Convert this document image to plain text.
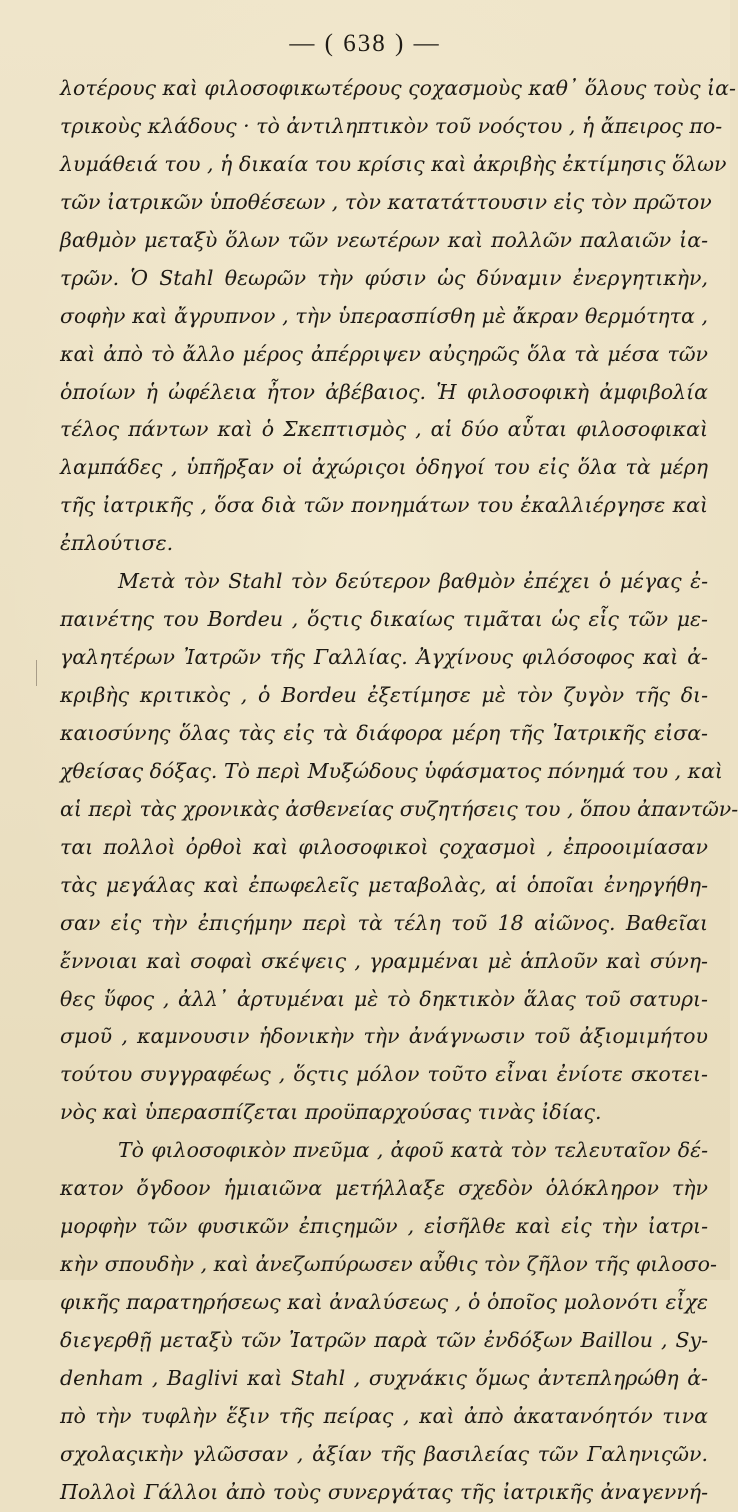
— ( 638 ) —
λοτέρους καὶ φιλοσοφικωτέρους ςοχασμοὺς καθ᾽ ὅλους τοὺς ἰα-
τρικοὺς κλάδους · τὸ ἀντιληπτικὸν τοῦ νοόςτου , ἡ ἄπειρος πο-
λυμάθειά του , ἡ δικαία του κρίσις καὶ ἀκριβὴς ἐκτίμησις ὅλων
τῶν ἰατρικῶν ὑποθέσεων , τὸν κατατάττουσιν εἰς τὸν πρῶτον
βαθμὸν μεταξὺ ὅλων τῶν νεωτέρων καὶ πολλῶν παλαιῶν ἰα-
τρῶν. Ὁ Stahl θεωρῶν τὴν φύσιν ὡς δύναμιν ἐνεργητικὴν,
σοφὴν καὶ ἄγρυπνον , τὴν ὑπερασπίσθη μὲ ἄκραν θερμότητα ,
καὶ ἀπὸ τὸ ἄλλο μέρος ἀπέρριψεν αὐςηρῶς ὅλα τὰ μέσα τῶν
ὁποίων ἡ ὠφέλεια ἦτον ἀβέβαιος. Ἡ φιλοσοφικὴ ἀμφιβολία
τέλος πάντων καὶ ὁ Σκεπτισμὸς , αἱ δύο αὗται φιλοσοφικαὶ
λαμπάδες , ὑπῆρξαν οἱ ἀχώριςοι ὁδηγοί του εἰς ὅλα τὰ μέρη
τῆς ἰατρικῆς , ὅσα διὰ τῶν πονημάτων του ἐκαλλιέργησε καὶ
ἐπλούτισε.
Μετὰ τὸν Stahl τὸν δεύτερον βαθμὸν ἐπέχει ὁ μέγας ἐ-
παινέτης του Bordeu , ὅςτις δικαίως τιμᾶται ὡς εἷς τῶν με-
γαλητέρων Ἰατρῶν τῆς Γαλλίας. Ἀγχίνους φιλόσοφος καὶ ἀ-
κριβὴς κριτικὸς , ὁ Bordeu ἐξετίμησε μὲ τὸν ζυγὸν τῆς δι-
καιοσύνης ὅλας τὰς εἰς τὰ διάφορα μέρη τῆς Ἰατρικῆς εἰσα-
χθείσας δόξας. Τὸ περὶ Μυξώδους ὑφάσματος πόνημά του , καὶ
αἱ περὶ τὰς χρονικὰς ἀσθενείας συζητήσεις του , ὅπου ἀπαντῶν-
ται πολλοὶ ὀρθοὶ καὶ φιλοσοφικοὶ ςοχασμοὶ , ἐπροοιμίασαν
τὰς μεγάλας καὶ ἐπωφελεῖς μεταβολὰς, αἱ ὁποῖαι ἐνηργήθη-
σαν εἰς τὴν ἐπιςήμην περὶ τὰ τέλη τοῦ 18 αἰῶνος. Βαθεῖαι
ἔννοιαι καὶ σοφαὶ σκέψεις , γραμμέναι μὲ ἁπλοῦν καὶ σύνη-
θες ὕφος , ἀλλ᾽ ἀρτυμέναι μὲ τὸ δηκτικὸν ἅλας τοῦ σατυρι-
σμοῦ , καμνουσιν ἡδονικὴν τὴν ἀνάγνωσιν τοῦ ἀξιομιμήτου
τούτου συγγραφέως , ὅςτις μόλον τοῦτο εἶναι ἐνίοτε σκοτει-
νὸς καὶ ὑπερασπίζεται προϋπαρχούσας τινὰς ἰδίας.
Τὸ φιλοσοφικὸν πνεῦμα , ἀφοῦ κατὰ τὸν τελευταῖον δέ-
κατον ὄγδοον ἡμιαιῶνα μετήλλαξε σχεδὸν ὁλόκληρον τὴν
μορφὴν τῶν φυσικῶν ἐπιςημῶν , εἰσῆλθε καὶ εἰς τὴν ἰατρι-
κὴν σπουδὴν , καὶ ἀνεζωπύρωσεν αὖθις τὸν ζῆλον τῆς φιλοσο-
φικῆς παρατηρήσεως καὶ ἀναλύσεως , ὁ ὁποῖος μολονότι εἶχε
διεγερθῇ μεταξὺ τῶν Ἰατρῶν παρὰ τῶν ἐνδόξων Baillou , Sy-
denham , Baglivi καὶ Stahl , συχνάκις ὅμως ἀντεπληρώθη ἀ-
πὸ τὴν τυφλὴν ἕξιν τῆς πείρας , καὶ ἀπὸ ἀκατανόητόν τινα
σχολαςικὴν γλῶσσαν , ἀξίαν τῆς βασιλείας τῶν Γαληνιςῶν.
Πολλοὶ Γάλλοι ἀπὸ τοὺς συνεργάτας τῆς ἰατρικῆς ἀναγεννή-
